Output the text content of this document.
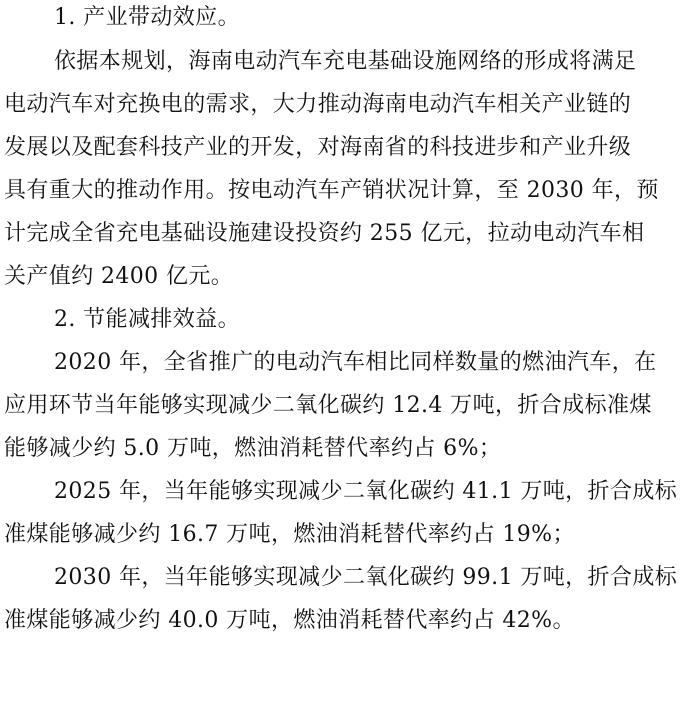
1. 产业带动效应。

依据本规划，海南电动汽车充电基础设施网络的形成将满足

电动汽车对充换电的需求，大力推动海南电动汽车相关产业链的

发展以及配套科技产业的开发，对海南省的科技进步和产业升级

具有重大的推动作用。按电动汽车产销状况计算，至 2030 年，预

计完成全省充电基础设施建设投资约 255 亿元，拉动电动汽车相

关产值约 2400 亿元。

2. 节能减排效益。

2020 年，全省推广的电动汽车相比同样数量的燃油汽车，在

应用环节当年能够实现减少二氧化碳约 12.4 万吨，折合成标准煤

能够减少约 5.0 万吨，燃油消耗替代率约占 6%；

2025 年，当年能够实现减少二氧化碳约 41.1 万吨，折合成标

准煤能够减少约 16.7 万吨，燃油消耗替代率约占 19%；

2030 年，当年能够实现减少二氧化碳约 99.1 万吨，折合成标

准煤能够减少约 40.0 万吨，燃油消耗替代率约占 42%。
